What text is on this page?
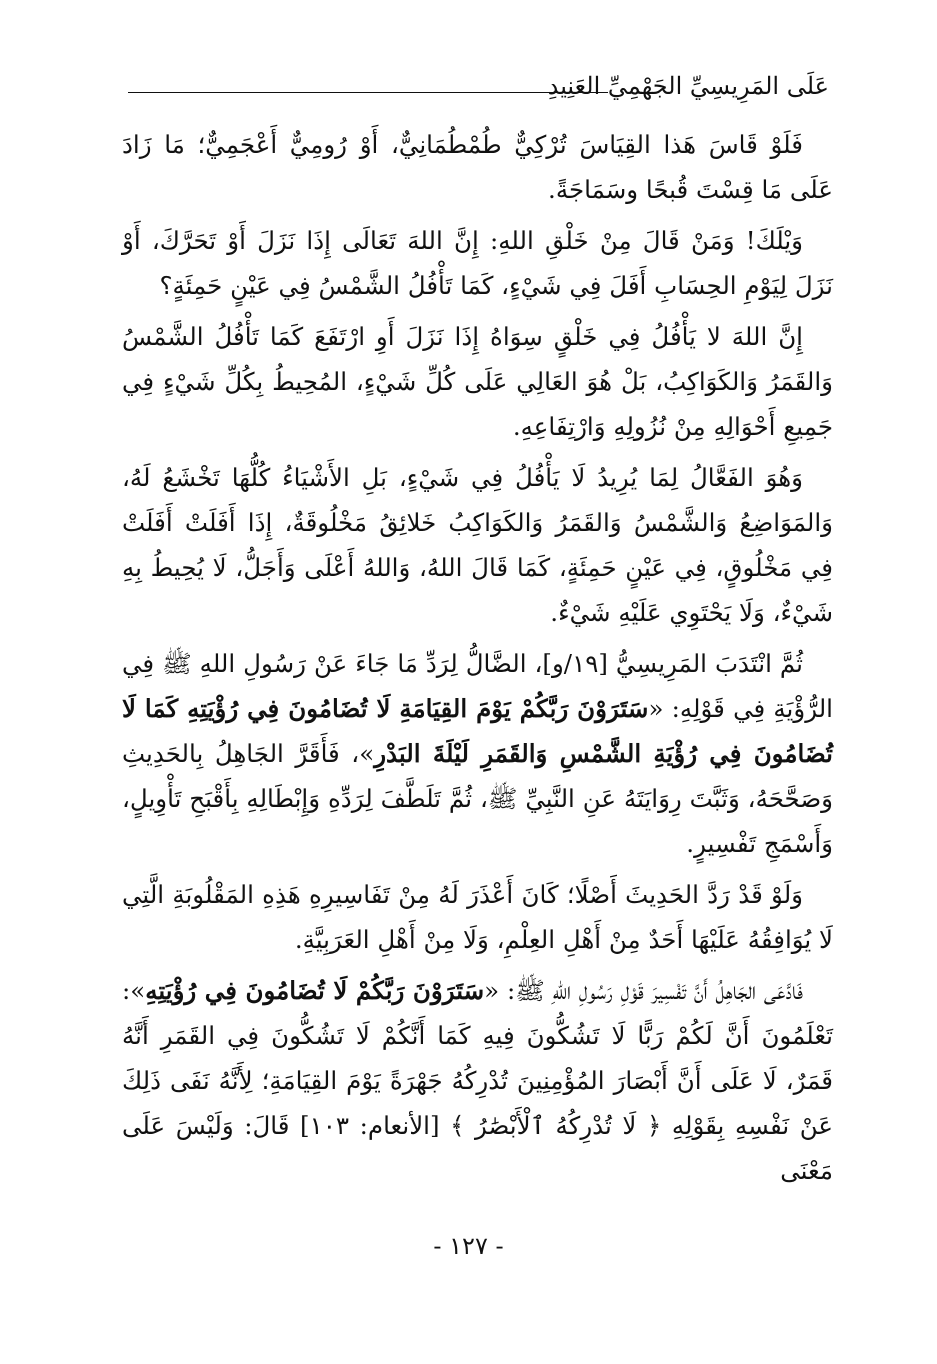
عَلَى المَرِيسِيِّ الجَهْمِيِّ العَنِيدِ

فَلَوْ قَاسَ هَذا القِيَاسَ تُرْكِيٌّ طُمْطُمَانِيٌّ، أَوْ رُومِيٌّ أَعْجَمِيٌّ؛ مَا زَادَ عَلَى مَا قِسْتَ قُبحًا وسَمَاجَةً.

وَيْلَكَ! وَمَنْ قَالَ مِنْ خَلْقِ اللهِ: إِنَّ اللهَ تَعَالَى إِذَا نَزَلَ أَوْ تَحَرَّكَ، أَوْ نَزَلَ لِيَوْمِ الحِسَابِ أَفَلَ فِي شَيْءٍ، كَمَا تَأْفُلُ الشَّمْسُ فِي عَيْنٍ حَمِئَةٍ؟

إِنَّ اللهَ لا يَأْفُلُ فِي خَلْقٍ سِوَاهُ إِذَا نَزَلَ أَوِ ارْتَفَعَ كَمَا تَأْفُلُ الشَّمْسُ وَالقَمَرُ وَالكَوَاكِبُ، بَلْ هُوَ العَالِي عَلَى كُلِّ شَيْءٍ، المُحِيطُ بِكُلِّ شَيْءٍ فِي جَمِيعِ أَحْوَالِهِ مِنْ نُزُولِهِ وَارْتِفَاعِهِ.

وَهُوَ الفَعَّالُ لِمَا يُرِيدُ لَا يَأْفُلُ فِي شَيْءٍ، بَلِ الأَشْيَاءُ كُلُّهَا تَخْشَعُ لَهُ، وَالمَوَاضِعُ وَالشَّمْسُ وَالقَمَرُ وَالكَوَاكِبُ خَلائِقُ مَخْلُوقَةٌ، إِذَا أَفَلَتْ أَفَلَتْ فِي مَخْلُوقٍ، فِي عَيْنٍ حَمِئَةٍ، كَمَا قَالَ اللهُ، وَاللهُ أَعْلَى وَأَجَلُّ، لَا يُحِيطُ بِهِ شَيْءٌ، وَلَا يَحْتَوِي عَلَيْهِ شَيْءٌ.

ثُمَّ انْتَدَبَ المَرِيسِيُّ [١٩/و]، الضَّالُّ لِرَدِّ مَا جَاءَ عَنْ رَسُولِ اللهِ ﷺ فِي الرُّؤْيَةِ فِي قَوْلِهِ: «سَتَرَوْنَ رَبَّكُمْ يَوْمَ القِيَامَةِ لَا تُضَامُونَ فِي رُؤْيَتِهِ كَمَا لَا تُضَامُونَ فِي رُؤْيَةِ الشَّمْسِ وَالقَمَرِ لَيْلَةَ البَدْرِ»، فَأَقَرَّ الجَاهِلُ بِالحَدِيثِ وَصَحَّحَهُ، وَثَبَّتَ رِوَايَتَهُ عَنِ النَّبِيِّ ﷺ، ثُمَّ تَلَطَّفَ لِرَدِّهِ وَإِبْطَالِهِ بِأَقْبَحِ تَأْوِيلٍ، وَأَسْمَجِ تَفْسِيرٍ.

وَلَوْ قَدْ رَدَّ الحَدِيثَ أَصْلًا؛ كَانَ أَعْذَرَ لَهُ مِنْ تَفَاسِيرِهِ هَذِهِ المَقْلُوبَةِ الَّتِي لَا يُوَافِقُهُ عَلَيْهَا أَحَدٌ مِنْ أَهْلِ العِلْمِ، وَلَا مِنْ أَهْلِ العَرَبِيَّةِ.

فَادَّعَى الجَاهِلُ أَنَّ تَفْسِيرَ قَوْلِ رَسُولِ اللهِ ﷺ: «سَتَرَوْنَ رَبَّكُمْ لَا تُضَامُونَ فِي رُؤْيَتِهِ»: تَعْلَمُونَ أَنَّ لَكُمْ رَبًّا لَا تَشُكُّونَ فِيهِ كَمَا أَنَّكُمْ لَا تَشُكُّونَ فِي القَمَرِ أَنَّهُ قَمَرٌ، لَا عَلَى أَنَّ أَبْصَارَ المُؤْمِنِينَ تُدْرِكُهُ جَهْرَةً يَوْمَ القِيَامَةِ؛ لِأَنَّهُ نَفَى ذَلِكَ عَنْ نَفْسِهِ بِقَوْلِهِ ﴿ لَا تُدْرِكُهُ ٱلْأَبْصَٰرُ ﴾ [الأنعام: ١٠٣] قَالَ: وَلَيْسَ عَلَى مَعْنَى

- ١٢٧ -
